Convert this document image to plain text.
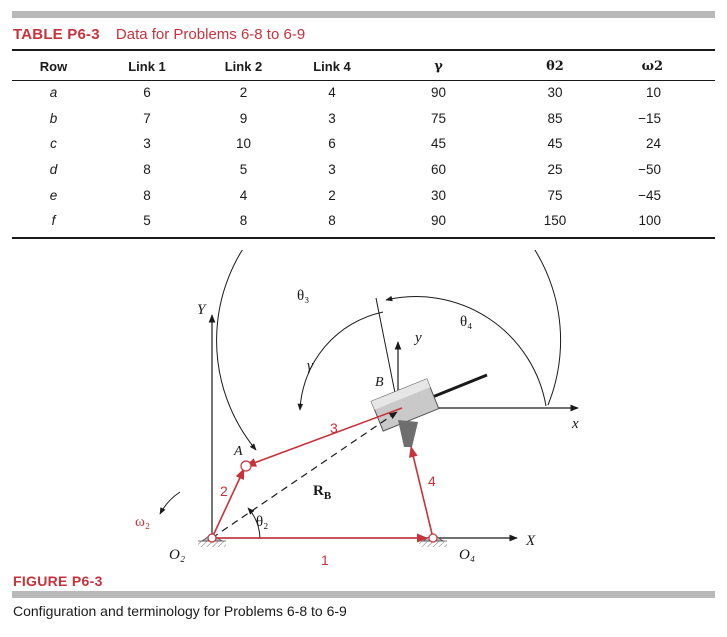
TABLE P6-3 Data for Problems 6-8 to 6-9
Row	Link 1	Link 2	Link 4	γ	θ2	ω2
a	6	2	4	90	30	10
b	7	9	3	75	85	−15
c	3	10	6	45	45	24
d	8	5	3	60	25	−50
e	8	4	2	30	75	−45
f	5	8	8	90	150	100
θ₃
θ₄
γ
Y
y
X
x
A
B
$R_B$
θ₂
ω₂
O₂	O₄
1
2
3
4
FIGURE P6-3
Configuration and terminology for Problems 6-8 to 6-9
